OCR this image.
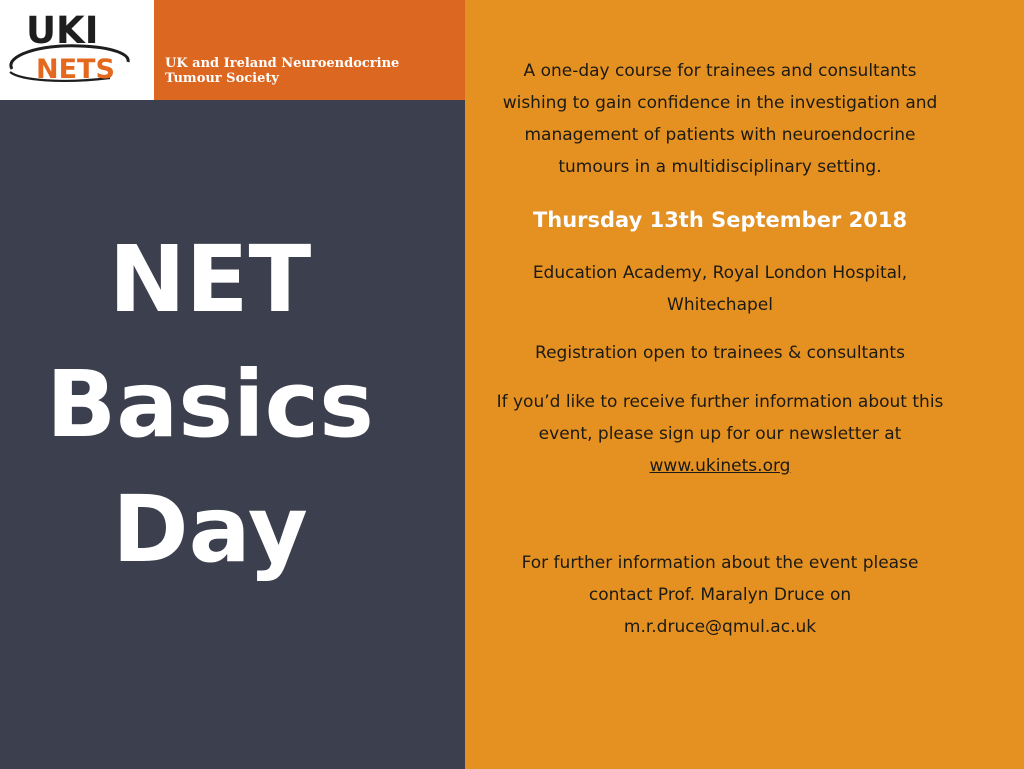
UKI
NETS	UK and Ireland Neuroendocrine
Tumour Society
NET
Basics
Day
A one-day course for trainees and consultants
wishing to gain confidence in the investigation and
management of patients with neuroendocrine
tumours in a multidisciplinary setting.
Thursday 13th September 2018
Education Academy, Royal London Hospital,
Whitechapel
Registration open to trainees & consultants
If you’d like to receive further information about this
event, please sign up for our newsletter at
www.ukinets.org
For further information about the event please
contact Prof. Maralyn Druce on
m.r.druce@qmul.ac.uk
